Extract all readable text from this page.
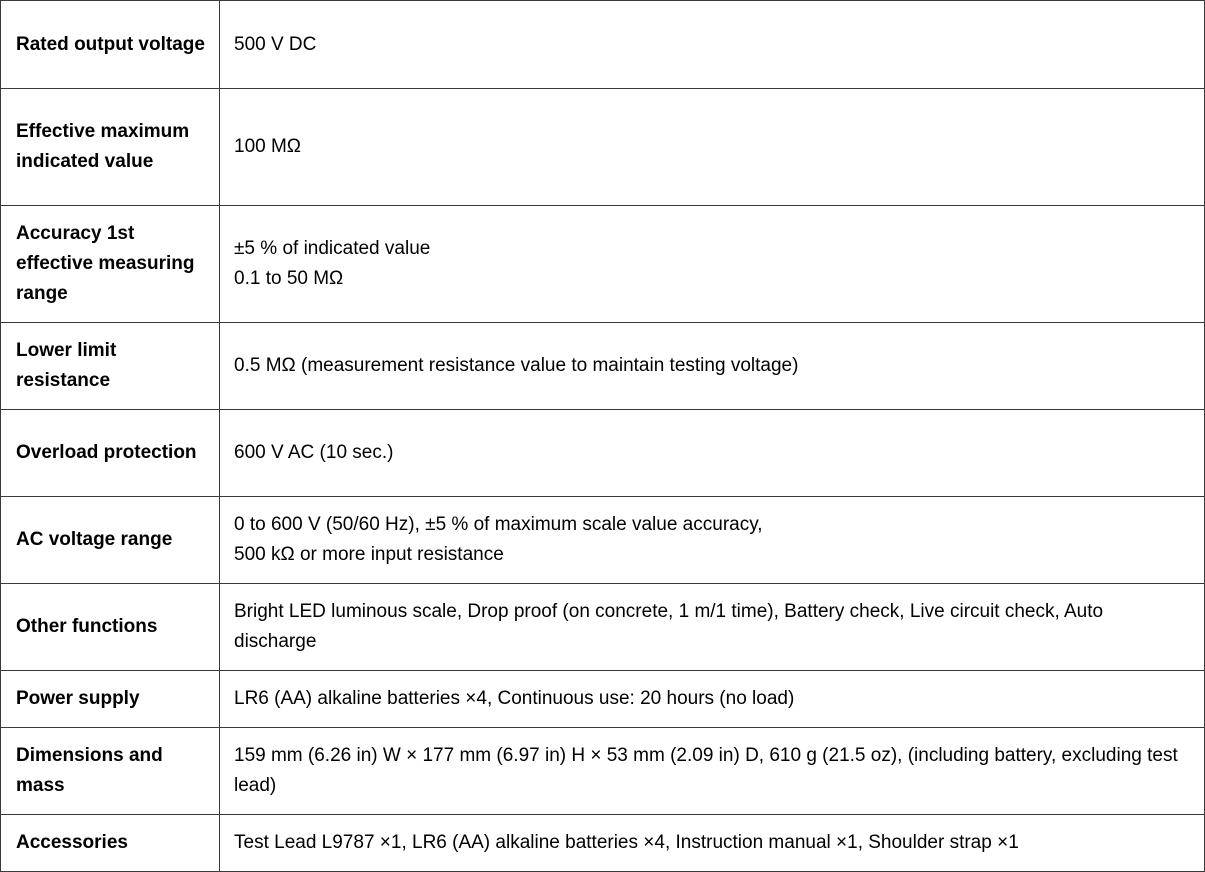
Rated output voltage	500 V DC

Effective maximum indicated value	100 MΩ

Accuracy 1st effective measuring range	±5 % of indicated value
0.1 to 50 MΩ

Lower limit resistance	0.5 MΩ (measurement resistance value to maintain testing voltage)

Overload protection	600 V AC (10 sec.)

AC voltage range	0 to 600 V (50/60 Hz), ±5 % of maximum scale value accuracy,
500 kΩ or more input resistance

Other functions	Bright LED luminous scale, Drop proof (on concrete, 1 m/1 time), Battery check, Live circuit check, Auto discharge

Power supply	LR6 (AA) alkaline batteries ×4, Continuous use: 20 hours (no load)

Dimensions and mass	159 mm (6.26 in) W × 177 mm (6.97 in) H × 53 mm (2.09 in) D, 610 g (21.5 oz), (including battery, excluding test lead)

Accessories	Test Lead L9787 ×1, LR6 (AA) alkaline batteries ×4, Instruction manual ×1, Shoulder strap ×1
